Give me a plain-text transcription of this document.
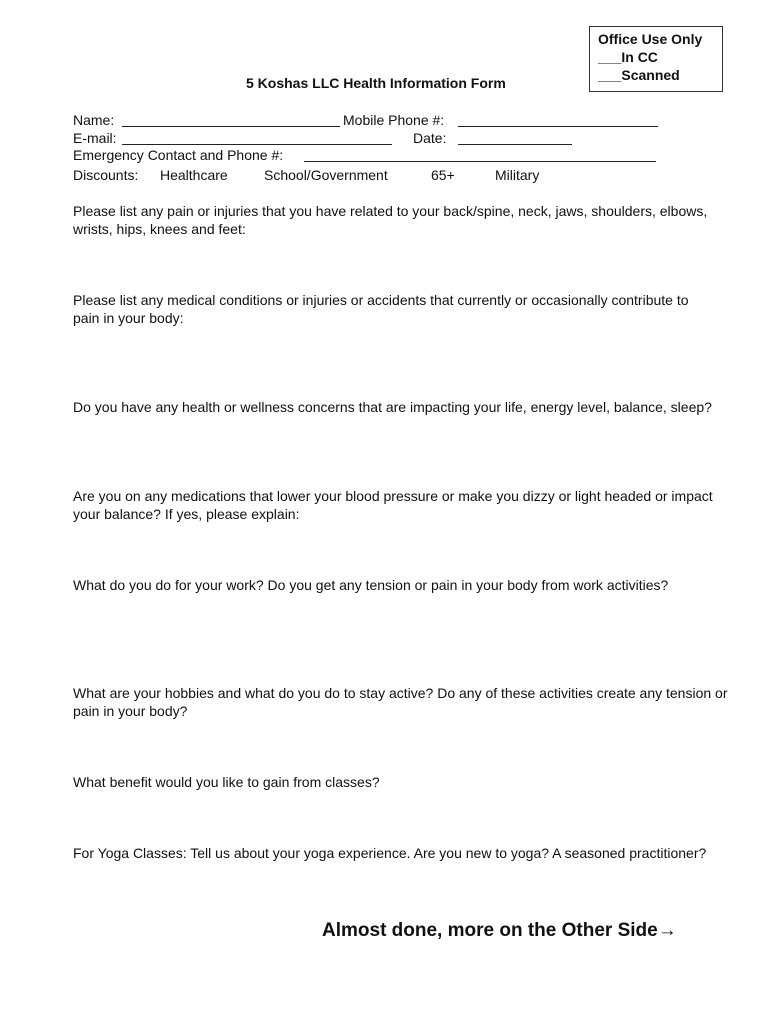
Office Use Only
___In CC
___Scanned
5 Koshas LLC Health Information Form
Name:	Mobile Phone #:
E-mail:	Date:
Emergency Contact and Phone #:
Discounts: Healthcare	School/Government	65+	Military
Please list any pain or injuries that you have related to your back/spine, neck, jaws, shoulders, elbows, wrists, hips, knees and feet:
Please list any medical conditions or injuries or accidents that currently or occasionally contribute to pain in your body:
Do you have any health or wellness concerns that are impacting your life, energy level, balance, sleep?
Are you on any medications that lower your blood pressure or make you dizzy or light headed or impact your balance? If yes, please explain:
What do you do for your work? Do you get any tension or pain in your body from work activities?
What are your hobbies and what do you do to stay active? Do any of these activities create any tension or pain in your body?
What benefit would you like to gain from classes?
For Yoga Classes: Tell us about your yoga experience. Are you new to yoga? A seasoned practitioner?
Almost done, more on the Other Side→
